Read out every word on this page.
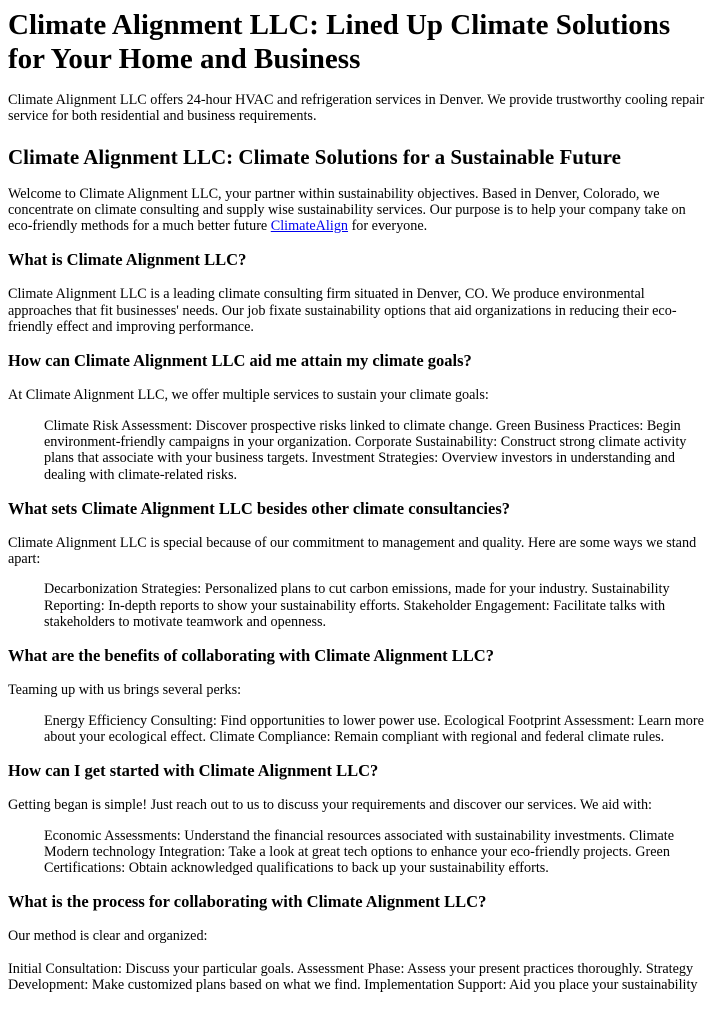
Climate Alignment LLC: Lined Up Climate Solutions for Your Home and Business

Climate Alignment LLC offers 24-hour HVAC and refrigeration services in Denver. We provide trustworthy cooling repair service for both residential and business requirements.

Climate Alignment LLC: Climate Solutions for a Sustainable Future

Welcome to Climate Alignment LLC, your partner within sustainability objectives. Based in Denver, Colorado, we concentrate on climate consulting and supply wise sustainability services. Our purpose is to help your company take on eco-friendly methods for a much better future ClimateAlign for everyone.

What is Climate Alignment LLC?

Climate Alignment LLC is a leading climate consulting firm situated in Denver, CO. We produce environmental approaches that fit businesses' needs. Our job fixate sustainability options that aid organizations in reducing their eco-friendly effect and improving performance.

How can Climate Alignment LLC aid me attain my climate goals?

At Climate Alignment LLC, we offer multiple services to sustain your climate goals:

Climate Risk Assessment: Discover prospective risks linked to climate change. Green Business Practices: Begin environment-friendly campaigns in your organization. Corporate Sustainability: Construct strong climate activity plans that associate with your business targets. Investment Strategies: Overview investors in understanding and dealing with climate-related risks.
What sets Climate Alignment LLC besides other climate consultancies?

Climate Alignment LLC is special because of our commitment to management and quality. Here are some ways we stand apart:

Decarbonization Strategies: Personalized plans to cut carbon emissions, made for your industry. Sustainability Reporting: In-depth reports to show your sustainability efforts. Stakeholder Engagement: Facilitate talks with stakeholders to motivate teamwork and openness.
What are the benefits of collaborating with Climate Alignment LLC?

Teaming up with us brings several perks:

Energy Efficiency Consulting: Find opportunities to lower power use. Ecological Footprint Assessment: Learn more about your ecological effect. Climate Compliance: Remain compliant with regional and federal climate rules.
How can I get started with Climate Alignment LLC?

Getting began is simple! Just reach out to us to discuss your requirements and discover our services. We aid with:

Economic Assessments: Understand the financial resources associated with sustainability investments. Climate Modern technology Integration: Take a look at great tech options to enhance your eco-friendly projects. Green Certifications: Obtain acknowledged qualifications to back up your sustainability efforts.
What is the process for collaborating with Climate Alignment LLC?

Our method is clear and organized:

Initial Consultation: Discuss your particular goals. Assessment Phase: Assess your present practices thoroughly. Strategy Development: Make customized plans based on what we find. Implementation Support: Aid you place your sustainability
